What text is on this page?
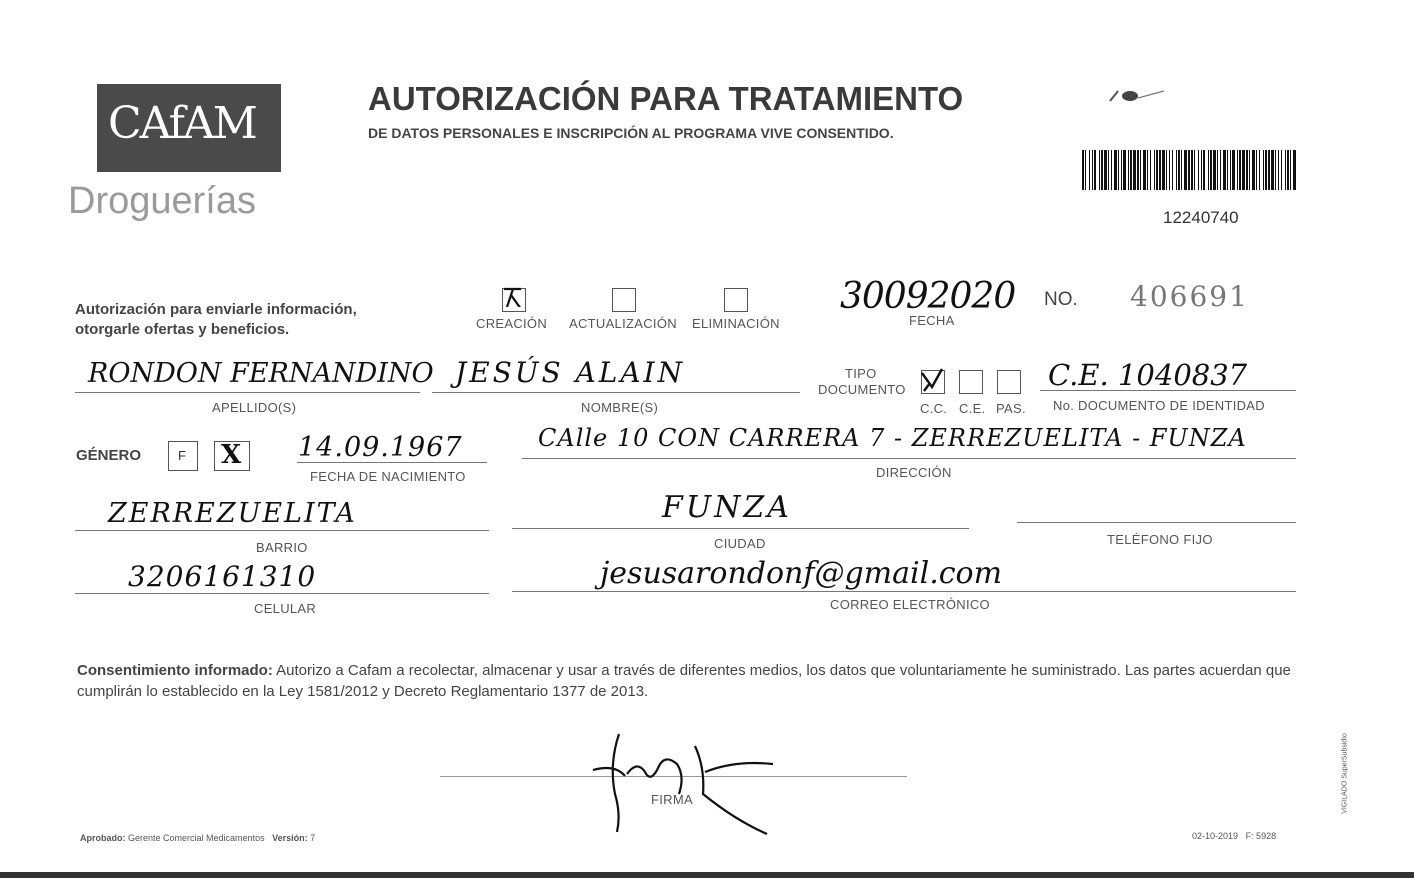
CAfAM
Droguerías
AUTORIZACIÓN PARA TRATAMIENTO
DE DATOS PERSONALES E INSCRIPCIÓN AL PROGRAMA VIVE CONSENTIDO.
12240740
Autorización para enviarle información,
otorgarle ofertas y beneficios.	CREACIÓN ACTUALIZACIÓN ELIMINACIÓN
30092020
FECHA
NO. 406691
RONDON FERNANDINO
APELLIDO(S)
JESÚS ALAIN
NOMBRE(S)
TIPO
DOCUMENTO
C.C. C.E. PAS.
C.E. 1040837
No. DOCUMENTO DE IDENTIDAD
GÉNERO	F X 14.09.1967
FECHA DE NACIMIENTO
CAlle 10 CON CARRERA 7 - ZERREZUELITA - FUNZA
DIRECCIÓN
ZERREZUELITA
BARRIO
FUNZA
CIUDAD	TELÉFONO FIJO
3206161310
CELULAR
jesusarondonf@gmail.com
CORREO ELECTRÓNICO
Consentimiento informado: Autorizo a Cafam a recolectar, almacenar y usar a través de diferentes medios, los datos que voluntariamente he suministrado. Las partes acuerdan que cumplirán lo establecido en la Ley 1581/2012 y Decreto Reglamentario 1377 de 2013.
FIRMA
Aprobado: Gerente Comercial Medicamentos Versión: 7	02-10-2019 F: 5928
VIGILADO SuperSubsidio
